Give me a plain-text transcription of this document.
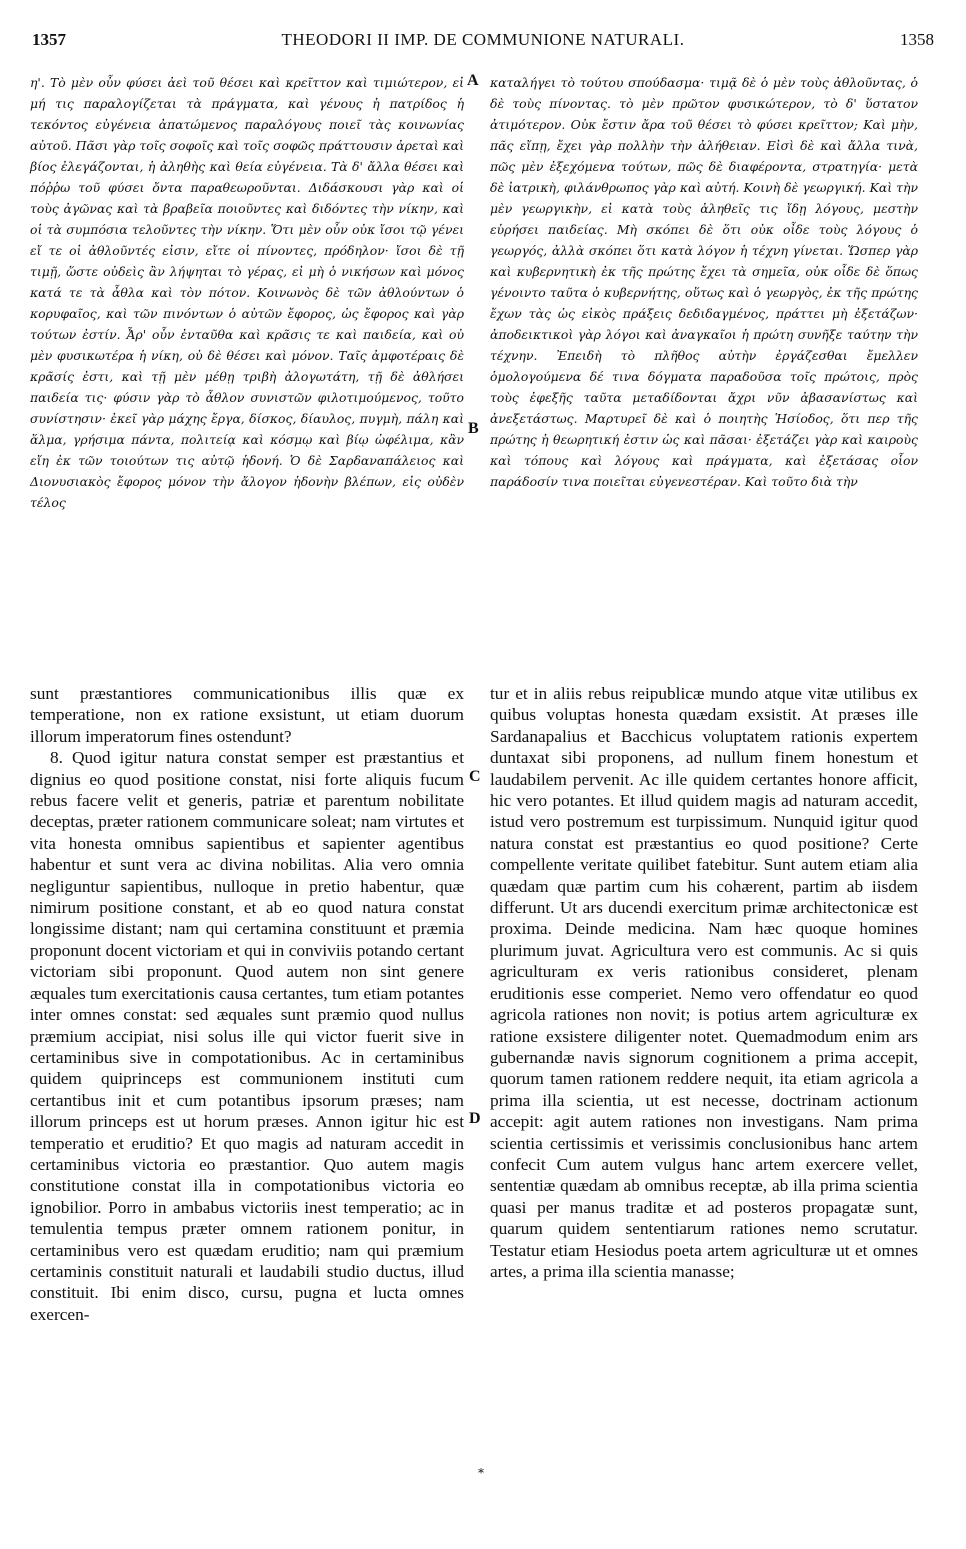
1357	THEODORI II IMP. DE COMMUNIONE NATURALI.	1358
A
B
C
D

η'. Τὸ μὲν οὖν φύσει ἀεὶ τοῦ θέσει καὶ κρεῖττον καὶ τιμιώτερον, εἰ μή τις παραλογίζεται τὰ πράγματα, καὶ γένους ἡ πατρίδος ἡ τεκόντος εὐγένεια ἀπατώμενος παραλόγους ποιεῖ τὰς κοινωνίας αὐτοῦ. Πᾶσι γὰρ τοῖς σοφοῖς καὶ τοῖς σοφῶς πράττουσιν ἀρεταὶ καὶ βίος ἐλεγάζονται, ἡ ἀληθὴς καὶ θεία εὐγένεια. Τὰ δ' ἄλλα θέσει καὶ πόῤῥω τοῦ φύσει ὄντα παραθεωροῦνται. Διδάσκουσι γὰρ καὶ οἱ τοὺς ἀγῶνας καὶ τὰ βραβεῖα ποιοῦντες καὶ διδόντες τὴν νίκην, καὶ οἱ τὰ συμπόσια τελοῦντες τὴν νίκην. Ὅτι μὲν οὖν οὐκ ἴσοι τῷ γένει εἴ τε οἱ ἀθλοῦντές εἰσιν, εἴτε οἱ πίνοντες, πρόδηλον· ἴσοι δὲ τῇ τιμῇ, ὥστε οὐδεὶς ἂν λήψηται τὸ γέρας, εἰ μὴ ὁ νικήσων καὶ μόνος κατά τε τὰ ἆθλα καὶ τὸν πότον. Κοινωνὸς δὲ τῶν ἀθλούντων ὁ κορυφαῖος, καὶ τῶν πινόντων ὁ αὐτῶν ἔφορος, ὡς ἔφορος καὶ γὰρ τούτων ἐστίν. Ἆρ' οὖν ἐνταῦθα καὶ κρᾶσις τε καὶ παιδεία, καὶ οὐ μὲν φυσικωτέρα ἡ νίκη, οὐ δὲ θέσει καὶ μόνον. Ταῖς ἀμφοτέραις δὲ κρᾶσίς ἐστι, καὶ τῇ μὲν μέθῃ τριβὴ ἀλογωτάτη, τῇ δὲ ἀθλήσει παιδεία τις· φύσιν γὰρ τὸ ἆθλον συνιστῶν φιλοτιμούμενος, τοῦτο συνίστησιν· ἐκεῖ γὰρ μάχης ἔργα, δίσκος, δίαυλος, πυγμὴ, πάλη καὶ ἅλμα, γρήσιμα πάντα, πολιτείᾳ καὶ κόσμῳ καὶ βίῳ ὠφέλιμα, κἂν εἴη ἐκ τῶν τοιούτων τις αὐτῷ ἡδονή. Ὁ δὲ Σαρδαναπάλειος καὶ Διονυσιακὸς ἔφορος μόνον τὴν ἄλογον ἡδονὴν βλέπων, εἰς οὐδὲν τέλος

καταλήγει τὸ τούτου σπούδασμα· τιμᾷ δὲ ὁ μὲν τοὺς ἀθλοῦντας, ὁ δὲ τοὺς πίνοντας. τὸ μὲν πρῶτον φυσικώτερον, τὸ δ' ὕστατον ἀτιμότερον. Οὐκ ἔστιν ἄρα τοῦ θέσει τὸ φύσει κρεῖττον; Καὶ μὴν, πᾶς εἴπῃ, ἔχει γὰρ πολλὴν τὴν ἀλήθειαν. Εἰσὶ δὲ καὶ ἄλλα τινὰ, πῶς μὲν ἐξεχόμενα τούτων, πῶς δὲ διαφέροντα, στρατηγία· μετὰ δὲ ἰατρικὴ, φιλάνθρωπος γὰρ καὶ αὐτή. Κοινὴ δὲ γεωργική. Καὶ τὴν μὲν γεωργικὴν, εἰ κατὰ τοὺς ἀληθεῖς τις ἴδῃ λόγους, μεστὴν εὑρήσει παιδείας. Μὴ σκόπει δὲ ὅτι οὐκ οἶδε τοὺς λόγους ὁ γεωργός, ἀλλὰ σκόπει ὅτι κατὰ λόγον ἡ τέχνη γίνεται. Ὥσπερ γὰρ καὶ κυβερνητικὴ ἐκ τῆς πρώτης ἔχει τὰ σημεῖα, οὐκ οἶδε δὲ ὅπως γένοιντο ταῦτα ὁ κυβερνήτης, οὕτως καὶ ὁ γεωργὸς, ἐκ τῆς πρώτης ἔχων τὰς ὡς εἰκὸς πράξεις δεδιδαγμένος, πράττει μὴ ἐξετάζων· ἀποδεικτικοὶ γὰρ λόγοι καὶ ἀναγκαῖοι ἡ πρώτη συνῆξε ταύτην τὴν τέχνην. Ἐπειδὴ τὸ πλῆθος αὐτὴν ἐργάζεσθαι ἔμελλεν ὁμολογούμενα δέ τινα δόγματα παραδοῦσα τοῖς πρώτοις, πρὸς τοὺς ἐφεξῆς ταῦτα μεταδίδονται ἄχρι νῦν ἀβασανίστως καὶ ἀνεξετάστως. Μαρτυρεῖ δὲ καὶ ὁ ποιητὴς Ἡσίοδος, ὅτι περ τῆς πρώτης ἡ θεωρητική ἐστιν ὡς καὶ πᾶσαι· ἐξετάζει γὰρ καὶ καιροὺς καὶ τόπους καὶ λόγους καὶ πράγματα, καὶ ἐξετάσας οἷον παράδοσίν τινα ποιεῖται εὐγενεστέραν. Καὶ τοῦτο διὰ τὴν

sunt præstantiores communicationibus illis quæ ex temperatione, non ex ratione exsistunt, ut etiam duorum illorum imperatorum fines ostendunt?

8. Quod igitur natura constat semper est præstantius et dignius eo quod positione constat, nisi forte aliquis fucum rebus facere velit et generis, patriæ et parentum nobilitate deceptas, præter rationem communicare soleat; nam virtutes et vita honesta omnibus sapientibus et sapienter agentibus habentur et sunt vera ac divina nobilitas. Alia vero omnia negliguntur sapientibus, nulloque in pretio habentur, quæ nimirum positione constant, et ab eo quod natura constat longissime distant; nam qui certamina constituunt et præmia proponunt docent victoriam et qui in conviviis potando certant victoriam sibi proponunt. Quod autem non sint genere æquales tum exercitationis causa certantes, tum etiam potantes inter omnes constat: sed æquales sunt præmio quod nullus præmium accipiat, nisi solus ille qui victor fuerit sive in certaminibus sive in compotationibus. Ac in certaminibus quidem quiprinceps est communionem instituti cum certantibus init et cum potantibus ipsorum præses; nam illorum princeps est ut horum præses. Annon igitur hic est temperatio et eruditio? Et quo magis ad naturam accedit in certaminibus victoria eo præstantior. Quo autem magis constitutione constat illa in compotationibus victoria eo ignobilior. Porro in ambabus victoriis inest temperatio; ac in temulentia tempus præter omnem rationem ponitur, in certaminibus vero est quædam eruditio; nam qui præmium certaminis constituit naturali et laudabili studio ductus, illud constituit. Ibi enim disco, cursu, pugna et lucta omnes exercen-

tur et in aliis rebus reipublicæ mundo atque vitæ utilibus ex quibus voluptas honesta quædam exsistit. At præses ille Sardanapalius et Bacchicus voluptatem rationis expertem duntaxat sibi proponens, ad nullum finem honestum et laudabilem pervenit. Ac ille quidem certantes honore afficit, hic vero potantes. Et illud quidem magis ad naturam accedit, istud vero postremum est turpissimum. Nunquid igitur quod natura constat est præstantius eo quod positione? Certe compellente veritate quilibet fatebitur. Sunt autem etiam alia quædam quæ partim cum his cohærent, partim ab iisdem differunt. Ut ars ducendi exercitum primæ architectonicæ est proxima. Deinde medicina. Nam hæc quoque homines plurimum juvat. Agricultura vero est communis. Ac si quis agriculturam ex veris rationibus consideret, plenam eruditionis esse comperiet. Nemo vero offendatur eo quod agricola rationes non novit; is potius artem agriculturæ ex ratione exsistere diligenter notet. Quemadmodum enim ars gubernandæ navis signorum cognitionem a prima accepit, quorum tamen rationem reddere nequit, ita etiam agricola a prima illa scientia, ut est necesse, doctrinam actionum accepit: agit autem rationes non investigans. Nam prima scientia certissimis et verissimis conclusionibus hanc artem confecit Cum autem vulgus hanc artem exercere vellet, sententiæ quædam ab omnibus receptæ, ab illa prima scientia quasi per manus traditæ et ad posteros propagatæ sunt, quarum quidem sententiarum rationes nemo scrutatur. Testatur etiam Hesiodus poeta artem agriculturæ ut et omnes artes, a prima illa scientia manasse;

*
